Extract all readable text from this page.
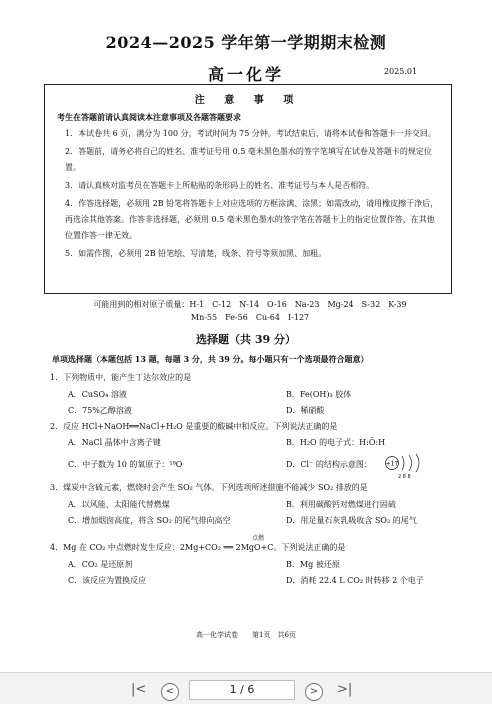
2024—2025 学年第一学期期末检测
高一化学	2025.01
注 意 事 项
考生在答题前请认真阅读本注意事项及各题答题要求
1．本试卷共 6 页，满分为 100 分，考试时间为 75 分钟。考试结束后，请将本试卷和答题卡一并交回。
2．答题前，请务必将自己的姓名、准考证号用 0.5 毫米黑色墨水的签字笔填写在试卷及答题卡的规定位置。
3．请认真核对监考员在答题卡上所粘贴的条形码上的姓名、准考证号与本人是否相符。
4．作答选择题，必须用 2B 铅笔将答题卡上对应选项的方框涂满、涂黑；如需改动，请用橡皮擦干净后，再选涂其他答案。作答非选择题，必须用 0.5 毫米黑色墨水的签字笔在答题卡上的指定位置作答，在其他位置作答一律无效。
5．如需作图，必须用 2B 铅笔绘、写清楚，线条、符号等须加黑、加粗。
可能用到的相对原子质量：H-1　C-12　N-14　O-16　Na-23　Mg-24　S-32　K-39
Mn-55　Fe-56　Cu-64　I-127
选择题（共 39 分）
单项选择题（本题包括 13 题，每题 3 分，共 39 分。每小题只有一个选项最符合题意）
1．下列物质中，能产生丁达尔效应的是
A．CuSO₄ 溶液	B．Fe(OH)₃ 胶体
C．75%乙醇溶液	D．稀硝酸
2．反应 HCl+NaOH══NaCl+H₂O 是重要的酸碱中和反应。下列说法正确的是
A．NaCl 晶体中含离子键	B．H₂O 的电子式：H:Ö:H
C．中子数为 10 的氧原子：¹⁸O	D．Cl⁻ 的结构示意图： +17
2 8 8
3．煤炭中含硫元素，燃烧时会产生 SO₂ 气体。下列选项所述措施不能减少 SO₂ 排放的是
A．以风能、太阳能代替燃煤	B．利用碳酸钙对燃煤进行固硫
C．增加烟囱高度，将含 SO₂ 的尾气排向高空	D．用足量石灰乳吸收含 SO₂ 的尾气
点燃
4．Mg 在 CO₂ 中点燃时发生反应：2Mg+CO₂ ══ 2MgO+C。下列说法正确的是
A．CO₂ 是还原剂	B．Mg 被还原
C．该反应为置换反应	D．消耗 22.4 L CO₂ 时转移 2 个电子
高一化学试卷　　第1页　共6页
|<	<	1 / 6	>	>|
